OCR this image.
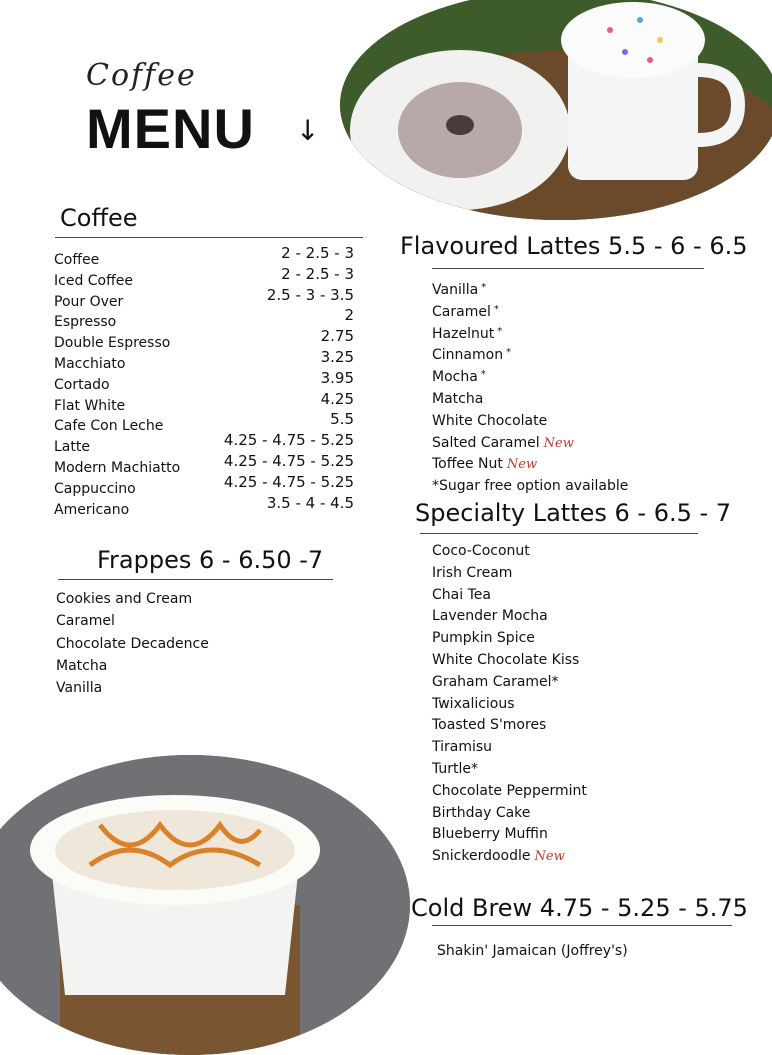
Coffee
MENU ↓
Coffee
Coffee	2 - 2.5 - 3
Iced Coffee	2 - 2.5 - 3
Pour Over	2.5 - 3 - 3.5
Espresso	2
Double Espresso	2.75
Macchiato	3.25
Cortado	3.95
Flat White	4.25
Cafe Con Leche	5.5
Latte	4.25 - 4.75 - 5.25
Modern Machiatto	4.25 - 4.75 - 5.25
Cappuccino	4.25 - 4.75 - 5.25
Americano	3.5 - 4 - 4.5
Frappes 6 - 6.50 -7
Cookies and Cream
Caramel
Chocolate Decadence
Matcha
Vanilla
Flavoured Lattes 5.5 - 6 - 6.5
Vanilla *
Caramel *
Hazelnut *
Cinnamon *
Mocha *
Matcha
White Chocolate
Salted Caramel New
Toffee Nut New
*Sugar free option available
Specialty Lattes 6 - 6.5 - 7
Coco-Coconut
Irish Cream
Chai Tea
Lavender Mocha
Pumpkin Spice
White Chocolate Kiss
Graham Caramel*
Twixalicious
Toasted S'mores
Tiramisu
Turtle*
Chocolate Peppermint
Birthday Cake
Blueberry Muffin
Snickerdoodle New
Cold Brew 4.75 - 5.25 - 5.75
Shakin' Jamaican (Joffrey's)
